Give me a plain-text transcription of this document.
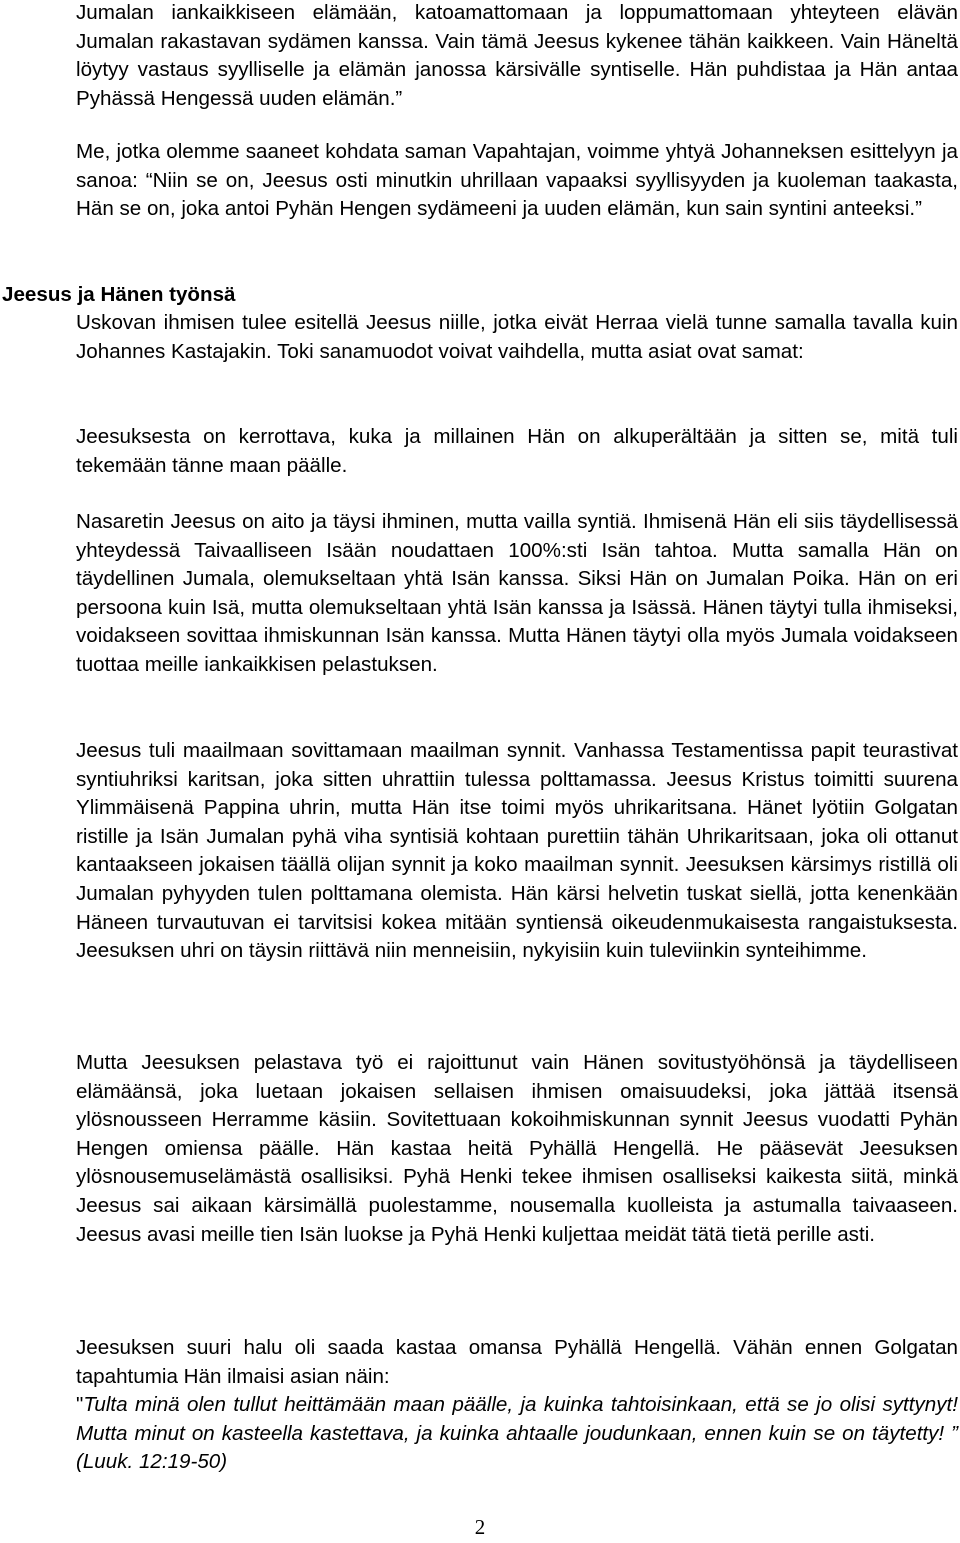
Jumalan iankaikkiseen elämään, katoamattomaan ja loppumattomaan yhteyteen elävän Jumalan rakastavan sydämen kanssa. Vain tämä Jeesus kykenee tähän kaikkeen. Vain Häneltä löytyy vastaus syylliselle ja elämän janossa kärsivälle syntiselle. Hän puhdistaa ja Hän antaa Pyhässä Hengessä uuden elämän.”

Me, jotka olemme saaneet kohdata saman Vapahtajan, voimme yhtyä Johanneksen esittelyyn ja sanoa: “Niin se on, Jeesus osti minutkin uhrillaan vapaaksi syyllisyyden ja kuoleman taakasta, Hän se on, joka antoi Pyhän Hengen sydämeeni ja uuden elämän, kun sain syntini anteeksi.”

Jeesus ja Hänen työnsä

Uskovan ihmisen tulee esitellä Jeesus niille, jotka eivät Herraa vielä tunne samalla tavalla kuin Johannes Kastajakin. Toki sanamuodot voivat vaihdella, mutta asiat ovat samat:

Jeesuksesta on kerrottava, kuka ja millainen Hän on alkuperältään ja sitten se, mitä tuli tekemään tänne maan päälle.

Nasaretin Jeesus on aito ja täysi ihminen, mutta vailla syntiä. Ihmisenä Hän eli siis täydellisessä yhteydessä Taivaalliseen Isään noudattaen 100%:sti Isän tahtoa. Mutta samalla Hän on täydellinen Jumala, olemukseltaan yhtä Isän kanssa. Siksi Hän on Jumalan Poika. Hän on eri persoona kuin Isä, mutta olemukseltaan yhtä Isän kanssa ja Isässä. Hänen täytyi tulla ihmiseksi, voidakseen sovittaa ihmiskunnan Isän kanssa. Mutta Hänen täytyi olla myös Jumala voidakseen tuottaa meille iankaikkisen pelastuksen.

Jeesus tuli maailmaan sovittamaan maailman synnit. Vanhassa Testamentissa papit teurastivat syntiuhriksi karitsan, joka sitten uhrattiin tulessa polttamassa. Jeesus Kristus toimitti suurena Ylimmäisenä Pappina uhrin, mutta Hän itse toimi myös uhrikaritsana. Hänet lyötiin Golgatan ristille ja Isän Jumalan pyhä viha syntisiä kohtaan purettiin tähän Uhrikaritsaan, joka oli ottanut kantaakseen jokaisen täällä olijan synnit ja koko maailman synnit. Jeesuksen kärsimys ristillä oli Jumalan pyhyyden tulen polttamana olemista. Hän kärsi helvetin tuskat siellä, jotta kenenkään Häneen turvautuvan ei tarvitsisi kokea mitään syntiensä oikeudenmukaisesta rangaistuksesta. Jeesuksen uhri on täysin riittävä niin menneisiin, nykyisiin kuin tuleviinkin synteihimme.

Mutta Jeesuksen pelastava työ ei rajoittunut vain Hänen sovitustyöhönsä ja täydelliseen elämäänsä, joka luetaan jokaisen sellaisen ihmisen omaisuudeksi, joka jättää itsensä ylösnousseen Herramme käsiin. Sovitettuaan kokoihmiskunnan synnit Jeesus vuodatti Pyhän Hengen omiensa päälle. Hän kastaa heitä Pyhällä Hengellä. He pääsevät Jeesuksen ylösnousemuselämästä osallisiksi. Pyhä Henki tekee ihmisen osalliseksi kaikesta siitä, minkä Jeesus sai aikaan kärsimällä puolestamme, nousemalla kuolleista ja astumalla taivaaseen. Jeesus avasi meille tien Isän luokse ja Pyhä Henki kuljettaa meidät tätä tietä perille asti.

Jeesuksen suuri halu oli saada kastaa omansa Pyhällä Hengellä. Vähän ennen Golgatan tapahtumia Hän ilmaisi asian näin:

"Tulta minä olen tullut heittämään maan päälle, ja kuinka tahtoisinkaan, että se jo olisi syttynyt! Mutta minut on kasteella kastettava, ja kuinka ahtaalle joudunkaan, ennen kuin se on täytetty! ” (Luuk. 12:19-50)

2
